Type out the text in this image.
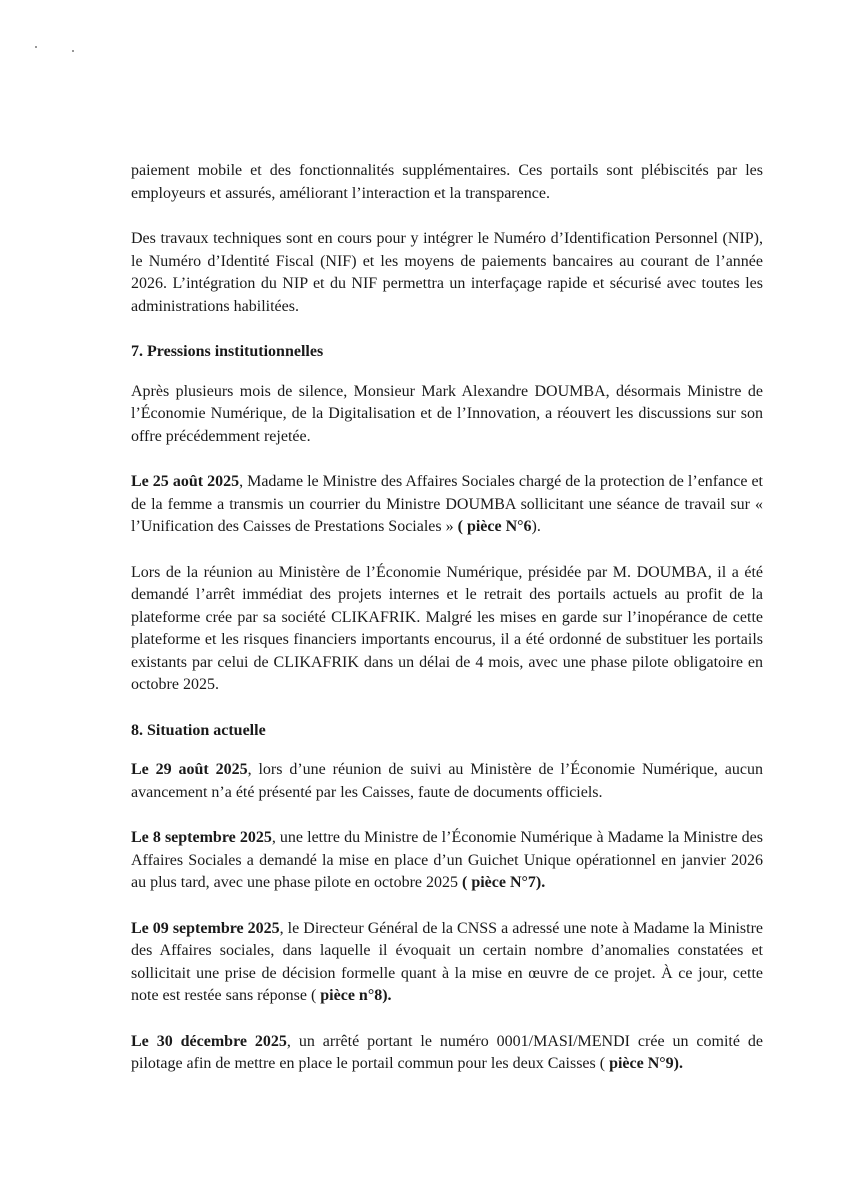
paiement mobile et des fonctionnalités supplémentaires. Ces portails sont plébiscités par les employeurs et assurés, améliorant l’interaction et la transparence.

Des travaux techniques sont en cours pour y intégrer le Numéro d’Identification Personnel (NIP), le Numéro d’Identité Fiscal (NIF) et les moyens de paiements bancaires au courant de l’année 2026. L’intégration du NIP et du NIF permettra un interfaçage rapide et sécurisé avec toutes les administrations habilitées.

7. Pressions institutionnelles

Après plusieurs mois de silence, Monsieur Mark Alexandre DOUMBA, désormais Ministre de l’Économie Numérique, de la Digitalisation et de l’Innovation, a réouvert les discussions sur son offre précédemment rejetée.

Le 25 août 2025, Madame le Ministre des Affaires Sociales chargé de la protection de l’enfance et de la femme a transmis un courrier du Ministre DOUMBA sollicitant une séance de travail sur « l’Unification des Caisses de Prestations Sociales » ( pièce N°6).

Lors de la réunion au Ministère de l’Économie Numérique, présidée par M. DOUMBA, il a été demandé l’arrêt immédiat des projets internes et le retrait des portails actuels au profit de la plateforme crée par sa société CLIKAFRIK. Malgré les mises en garde sur l’inopérance de cette plateforme et les risques financiers importants encourus, il a été ordonné de substituer les portails existants par celui de CLIKAFRIK dans un délai de 4 mois, avec une phase pilote obligatoire en octobre 2025.

8. Situation actuelle

Le 29 août 2025, lors d’une réunion de suivi au Ministère de l’Économie Numérique, aucun avancement n’a été présenté par les Caisses, faute de documents officiels.

Le 8 septembre 2025, une lettre du Ministre de l’Économie Numérique à Madame la Ministre des Affaires Sociales a demandé la mise en place d’un Guichet Unique opérationnel en janvier 2026 au plus tard, avec une phase pilote en octobre 2025 ( pièce N°7).

Le 09 septembre 2025, le Directeur Général de la CNSS a adressé une note à Madame la Ministre des Affaires sociales, dans laquelle il évoquait un certain nombre d’anomalies constatées et sollicitait une prise de décision formelle quant à la mise en œuvre de ce projet. À ce jour, cette note est restée sans réponse ( pièce n°8).

Le 30 décembre 2025, un arrêté portant le numéro 0001/MASI/MENDI crée un comité de pilotage afin de mettre en place le portail commun pour les deux Caisses ( pièce N°9).
